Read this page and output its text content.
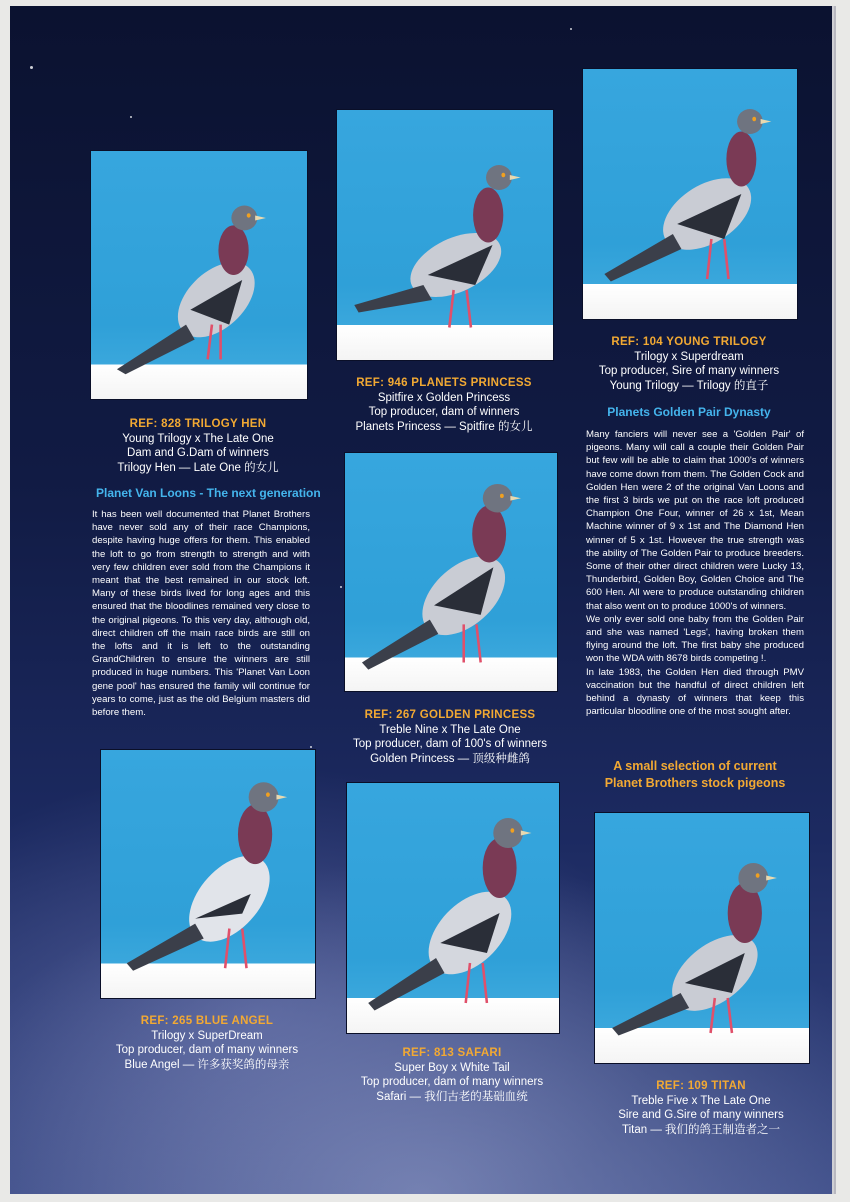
REF: 828 TRILOGY HEN
Young Trilogy x The Late One
Dam and G.Dam of winners
Trilogy Hen — Late One 的女儿
REF: 946 PLANETS PRINCESS
Spitfire x Golden Princess
Top producer, dam of winners
Planets Princess — Spitfire 的女儿
REF: 104 YOUNG TRILOGY
Trilogy x Superdream
Top producer, Sire of many winners
Young Trilogy — Trilogy 的直子
REF: 267 GOLDEN PRINCESS
Treble Nine x The Late One
Top producer, dam of 100's of winners
Golden Princess — 顶级种雌鸽
REF: 265 BLUE ANGEL
Trilogy x SuperDream
Top producer, dam of many winners
Blue Angel — 许多获奖鸽的母亲
REF: 813 SAFARI
Super Boy x White Tail
Top producer, dam of many winners
Safari — 我们古老的基础血统
REF: 109 TITAN
Treble Five x The Late One
Sire and G.Sire of many winners
Titan — 我们的鸽王制造者之一
Planet Van Loons - The next generation
It has been well documented that Planet Brothers have never sold any of their race Champions, despite having huge offers for them. This enabled the loft to go from strength to strength and with very few children ever sold from the Champions it meant that the best remained in our stock loft. Many of these birds lived for long ages and this ensured that the bloodlines remained very close to the original pigeons. To this very day, although old, direct children off the main race birds are still on the lofts and it is left to the outstanding GrandChildren to ensure the winners are still produced in huge numbers. This 'Planet Van Loon gene pool' has ensured the family will continue for years to come, just as the old Belgium masters did before them.
Planets Golden Pair Dynasty
Many fanciers will never see a 'Golden Pair' of pigeons. Many will call a couple their Golden Pair but few will be able to claim that 1000's of winners have come down from them. The Golden Cock and Golden Hen were 2 of the original Van Loons and the first 3 birds we put on the race loft produced Champion One Four, winner of 26 x 1st, Mean Machine winner of 9 x 1st and The Diamond Hen winner of 5 x 1st. However the true strength was the ability of The Golden Pair to produce breeders. Some of their other direct children were Lucky 13, Thunderbird, Golden Boy, Golden Choice and The 600 Hen. All were to produce outstanding children that also went on to produce 1000's of winners.
We only ever sold one baby from the Golden Pair and she was named 'Legs', having broken them flying around the loft. The first baby she produced won the WDA with 8678 birds competing !.
In late 1983, the Golden Hen died through PMV vaccination but the handful of direct children left behind a dynasty of winners that keep this particular bloodline one of the most sought after.
A small selection of current
Planet Brothers stock pigeons
